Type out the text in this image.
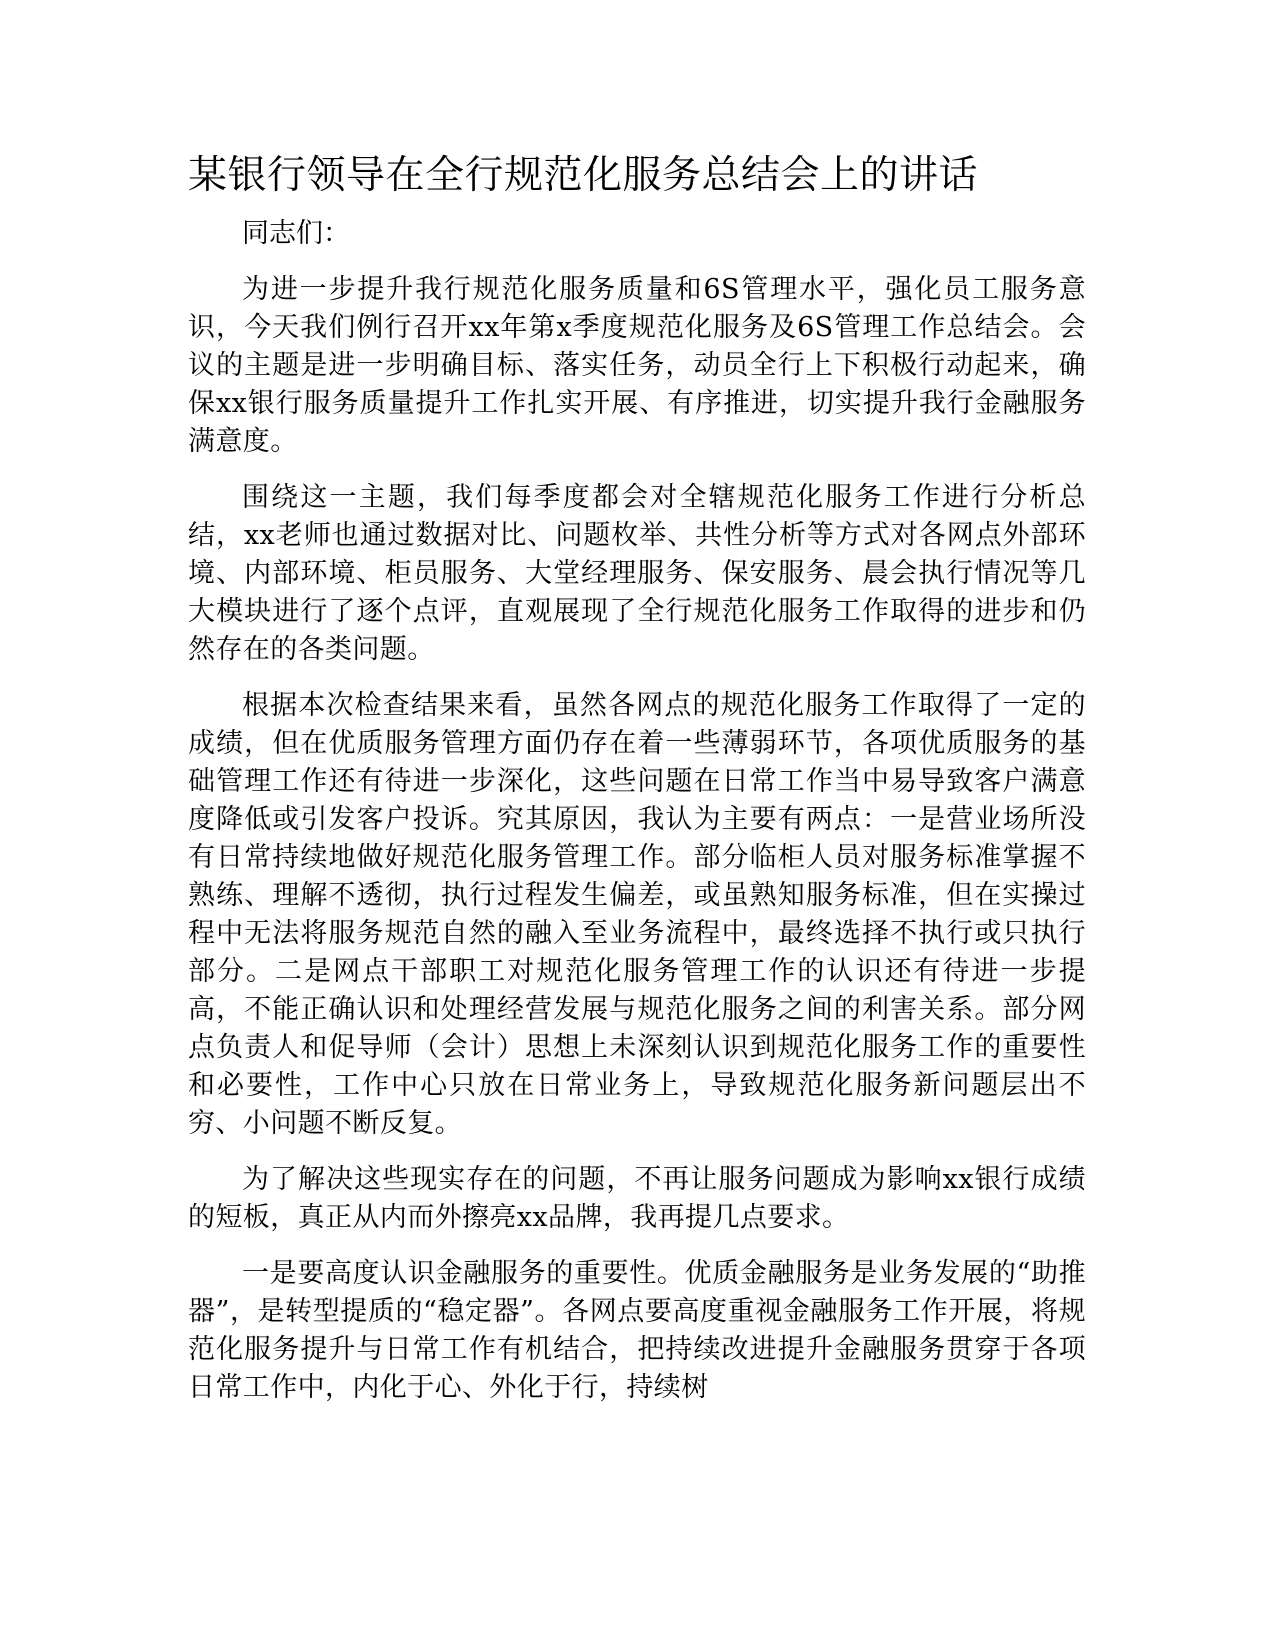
某银行领导在全行规范化服务总结会上的讲话

同志们：

为进一步提升我行规范化服务质量和6S管理水平，强化员工服务意识，今天我们例行召开xx年第x季度规范化服务及6S管理工作总结会。会议的主题是进一步明确目标、落实任务，动员全行上下积极行动起来，确保xx银行服务质量提升工作扎实开展、有序推进，切实提升我行金融服务满意度。

围绕这一主题，我们每季度都会对全辖规范化服务工作进行分析总结，xx老师也通过数据对比、问题枚举、共性分析等方式对各网点外部环境、内部环境、柜员服务、大堂经理服务、保安服务、晨会执行情况等几大模块进行了逐个点评，直观展现了全行规范化服务工作取得的进步和仍然存在的各类问题。

根据本次检查结果来看，虽然各网点的规范化服务工作取得了一定的成绩，但在优质服务管理方面仍存在着一些薄弱环节，各项优质服务的基础管理工作还有待进一步深化，这些问题在日常工作当中易导致客户满意度降低或引发客户投诉。究其原因，我认为主要有两点：一是营业场所没有日常持续地做好规范化服务管理工作。部分临柜人员对服务标准掌握不熟练、理解不透彻，执行过程发生偏差，或虽熟知服务标准，但在实操过程中无法将服务规范自然的融入至业务流程中，最终选择不执行或只执行部分。二是网点干部职工对规范化服务管理工作的认识还有待进一步提高，不能正确认识和处理经营发展与规范化服务之间的利害关系。部分网点负责人和促导师（会计）思想上未深刻认识到规范化服务工作的重要性和必要性，工作中心只放在日常业务上，导致规范化服务新问题层出不穷、小问题不断反复。

为了解决这些现实存在的问题，不再让服务问题成为影响xx银行成绩的短板，真正从内而外擦亮xx品牌，我再提几点要求。

一是要高度认识金融服务的重要性。优质金融服务是业务发展的“助推器”，是转型提质的“稳定器”。各网点要高度重视金融服务工作开展，将规范化服务提升与日常工作有机结合，把持续改进提升金融服务贯穿于各项日常工作中，内化于心、外化于行，持续树
